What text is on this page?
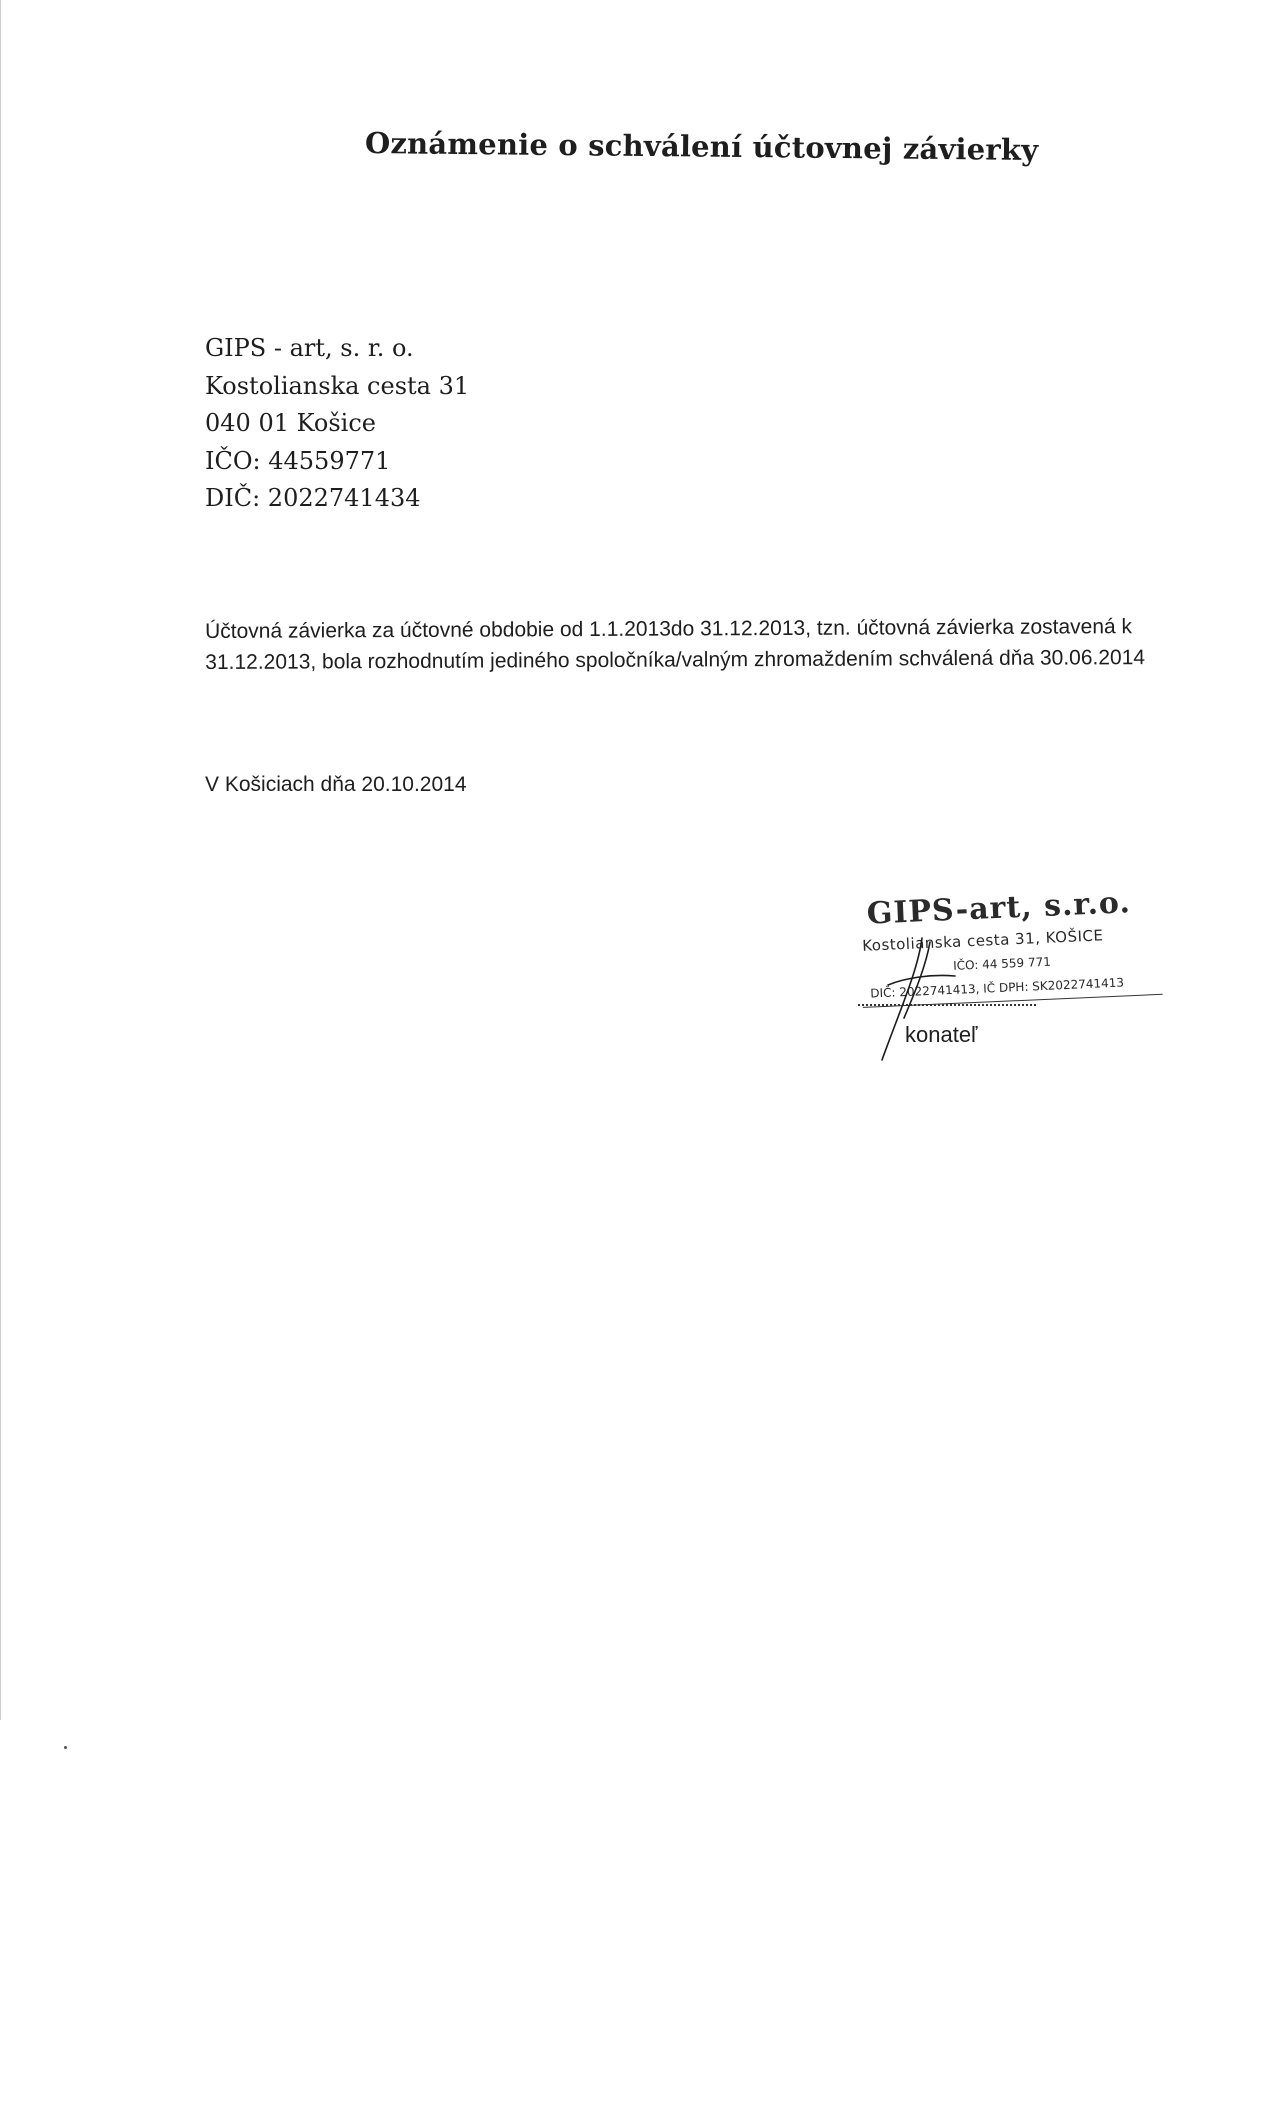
Oznámenie o schválení účtovnej závierky
GIPS - art, s. r. o.
Kostolianska cesta 31
040 01 Košice
IČO: 44559771
DIČ: 2022741434

Účtovná závierka za účtovné obdobie od 1.1.2013do 31.12.2013, tzn. účtovná závierka zostavená k 31.12.2013, bola rozhodnutím jediného spoločníka/valným zhromaždením schválená dňa 30.06.2014

V Košiciach dňa 20.10.2014
GIPS-art, s.r.o.
Kostolianska cesta 31, KOŠICE
IČO: 44 559 771
DIČ: 2022741413, IČ DPH: SK2022741413
konateľ
